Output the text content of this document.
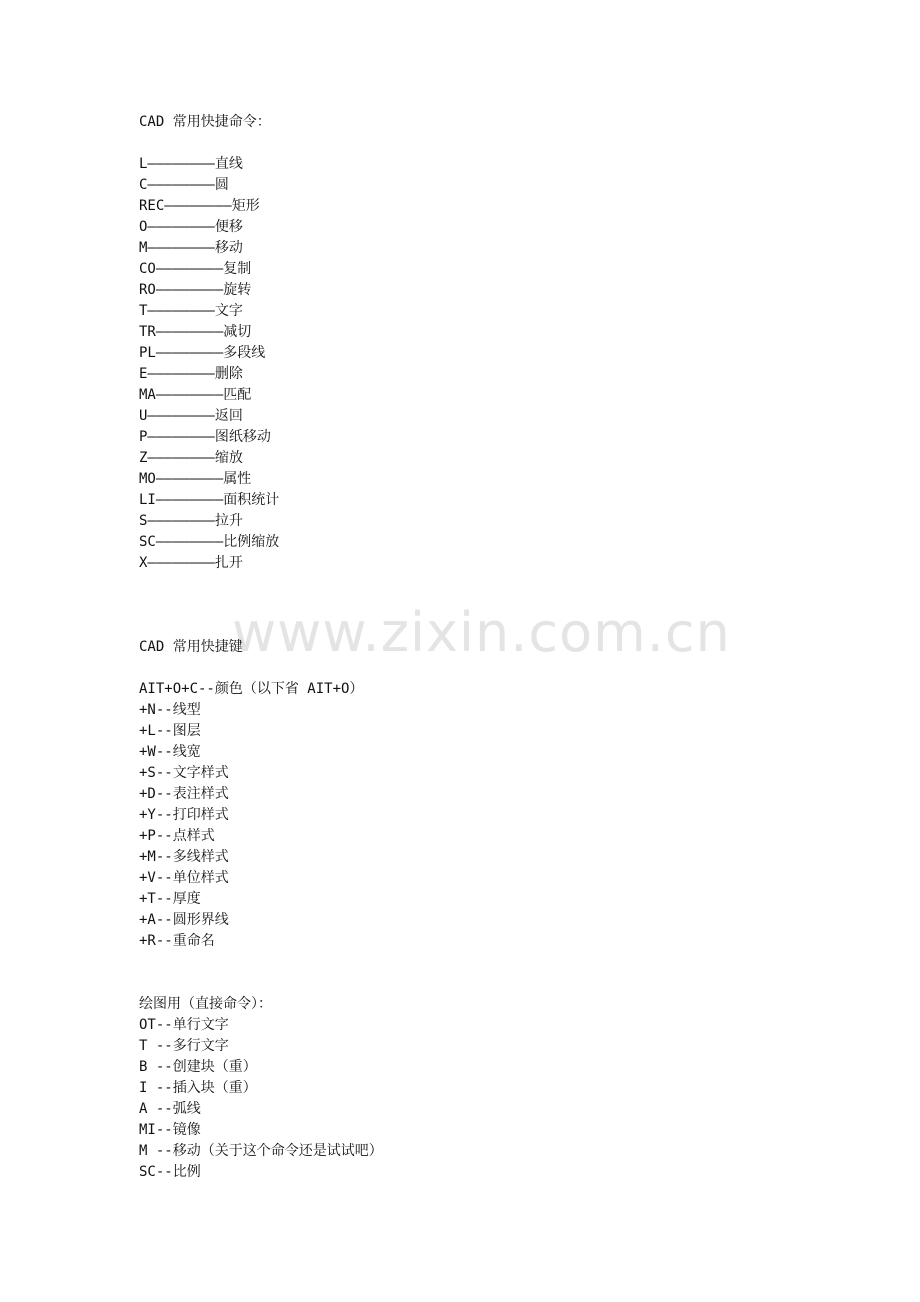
www.zixin.com.cn
CAD 常用快捷命令：
L————————直线
C————————圆
REC————————矩形
O————————便移
M————————移动
CO————————复制
RO————————旋转
T————————文字
TR————————减切
PL————————多段线
E————————删除
MA————————匹配
U————————返回
P————————图纸移动
Z————————缩放
MO————————属性
LI————————面积统计
S————————拉升
SC————————比例缩放
X————————扎开
CAD 常用快捷键
AIT+O+C--颜色（以下省 AIT+O）
+N--线型
+L--图层
+W--线宽
+S--文字样式
+D--表注样式
+Y--打印样式
+P--点样式
+M--多线样式
+V--单位样式
+T--厚度
+A--圆形界线
+R--重命名
绘图用（直接命令）：
OT--单行文字
T --多行文字
B --创建块（重）
I --插入块（重）
A --弧线
MI--镜像
M --移动（关于这个命令还是试试吧）
SC--比例
